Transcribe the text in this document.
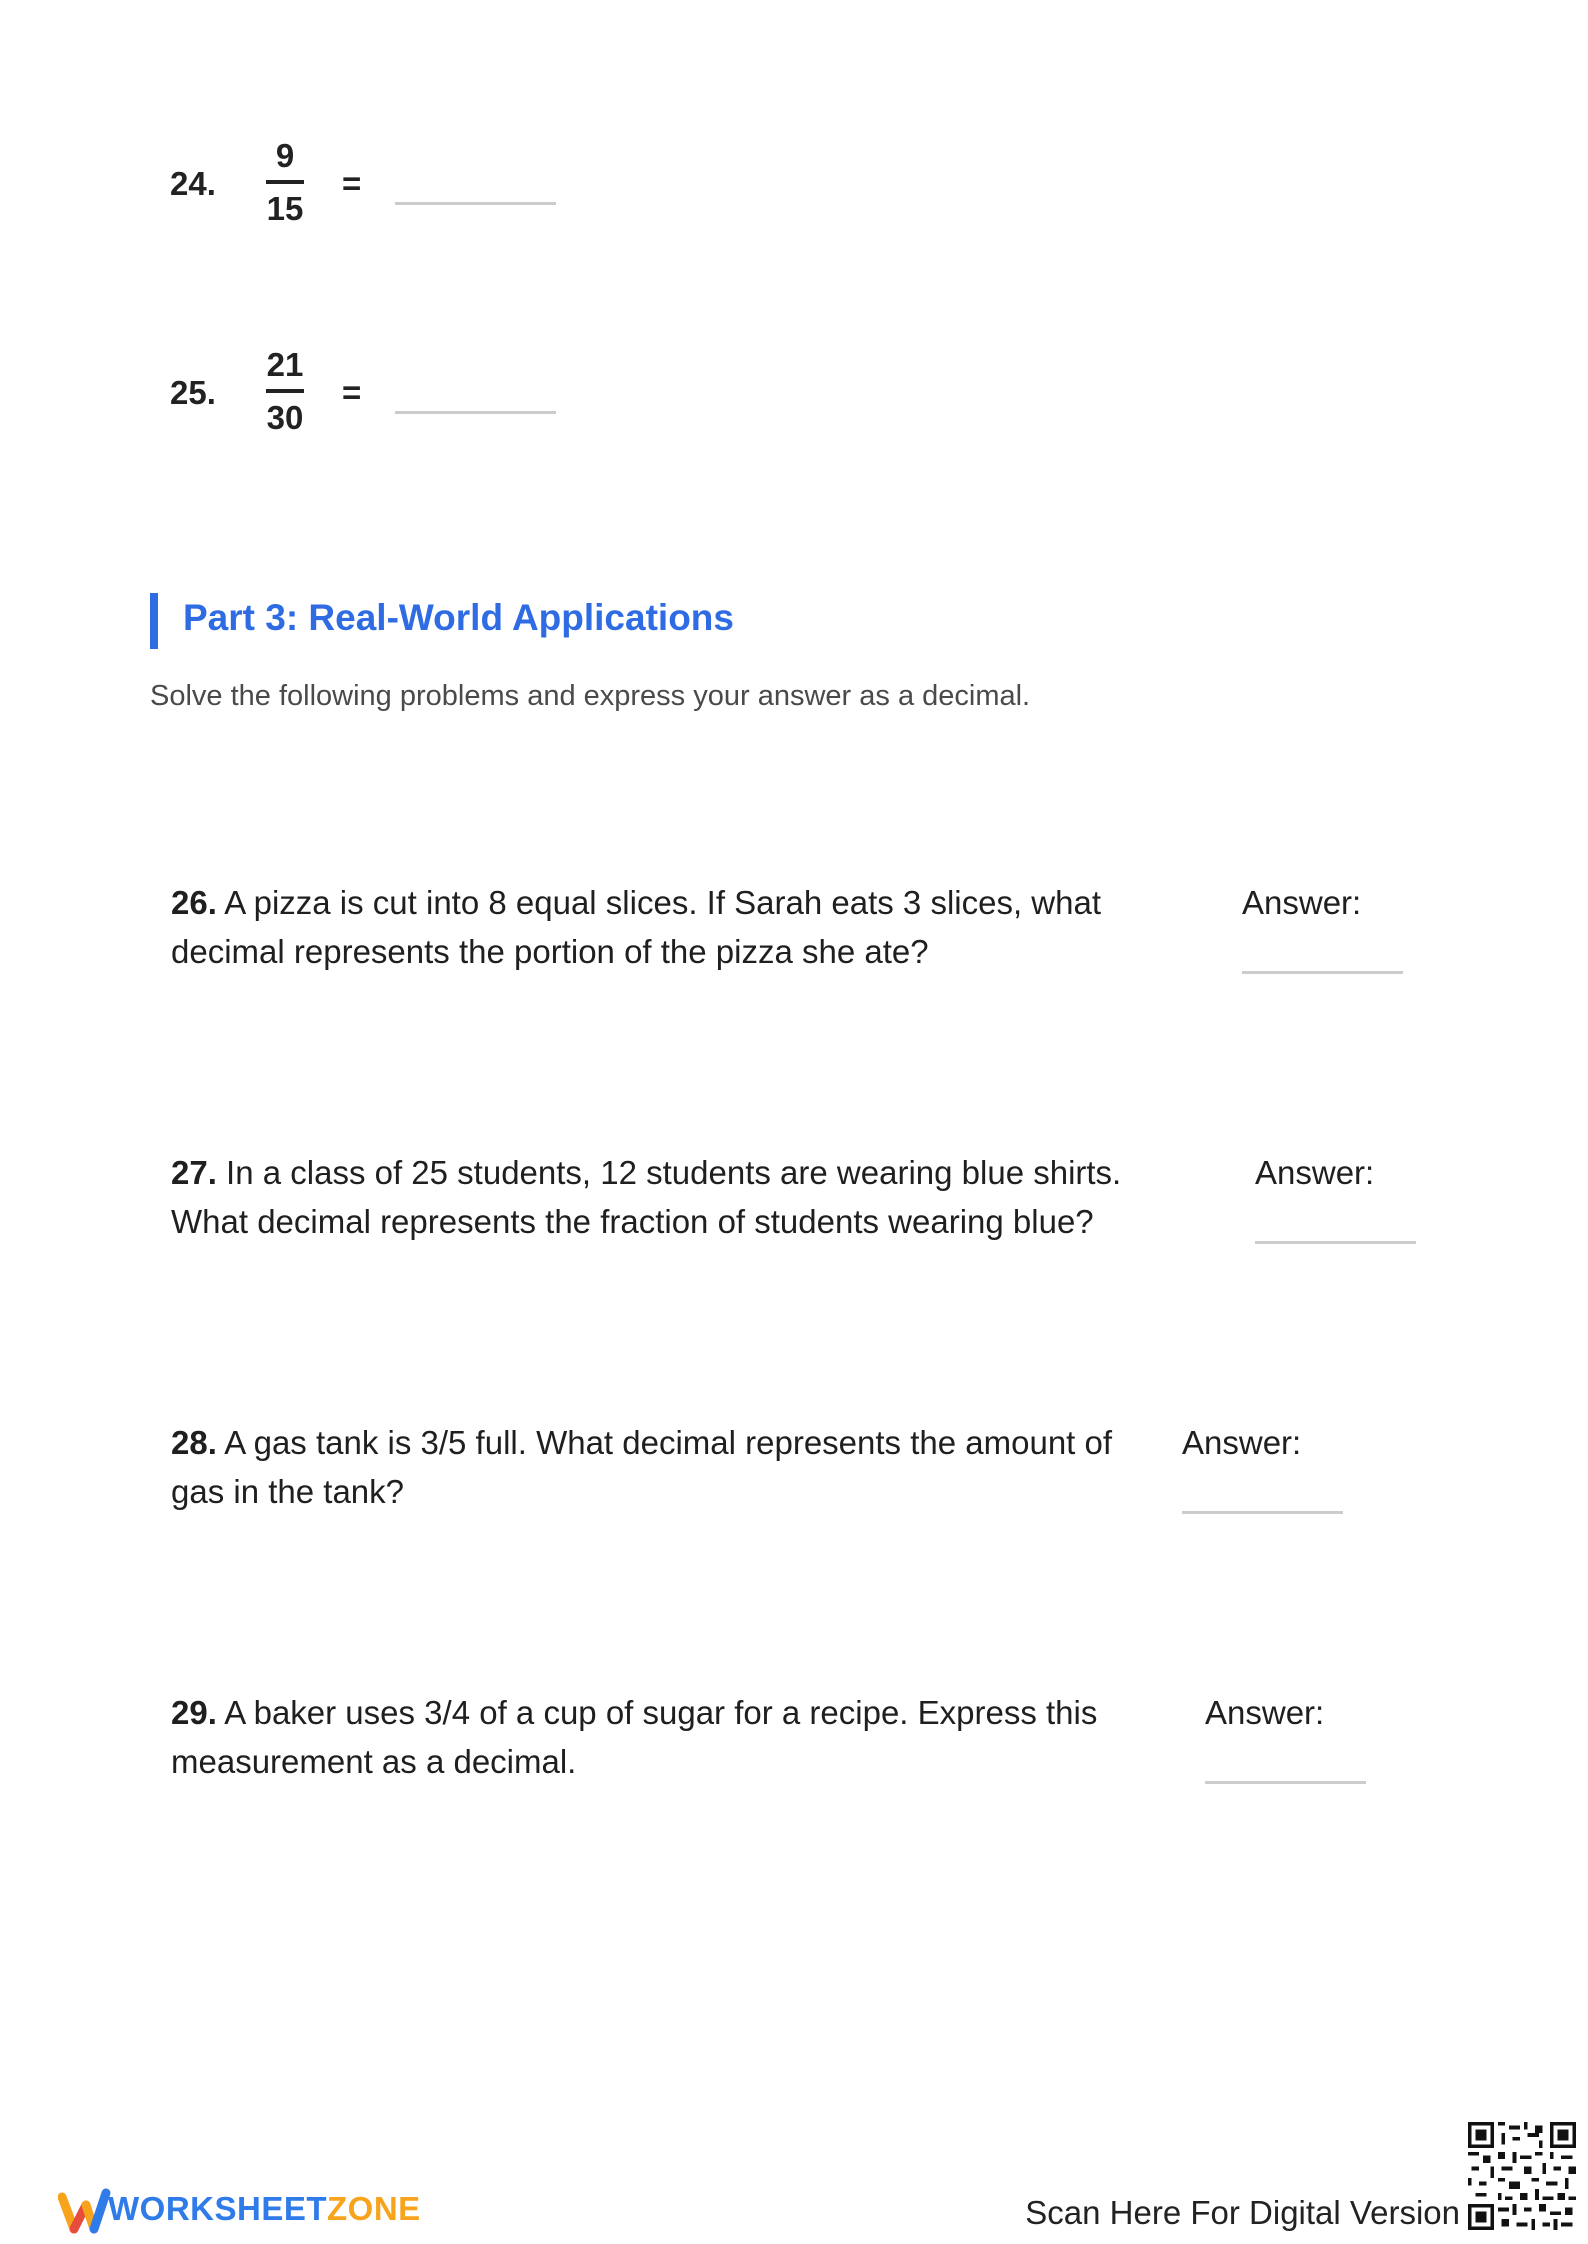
24.
9
15
=
25.
21
30
=
Part 3: Real-World Applications
Solve the following problems and express your answer as a decimal.
26. A pizza is cut into 8 equal slices. If Sarah eats 3 slices, what decimal represents the portion of the pizza she ate?
Answer:
27. In a class of 25 students, 12 students are wearing blue shirts. What decimal represents the fraction of students wearing blue?
Answer:
28. A gas tank is 3/5 full. What decimal represents the amount of gas in the tank?
Answer:
29. A baker uses 3/4 of a cup of sugar for a recipe. Express this measurement as a decimal.
Answer:
WORKSHEETZONE	Scan Here For Digital Version
